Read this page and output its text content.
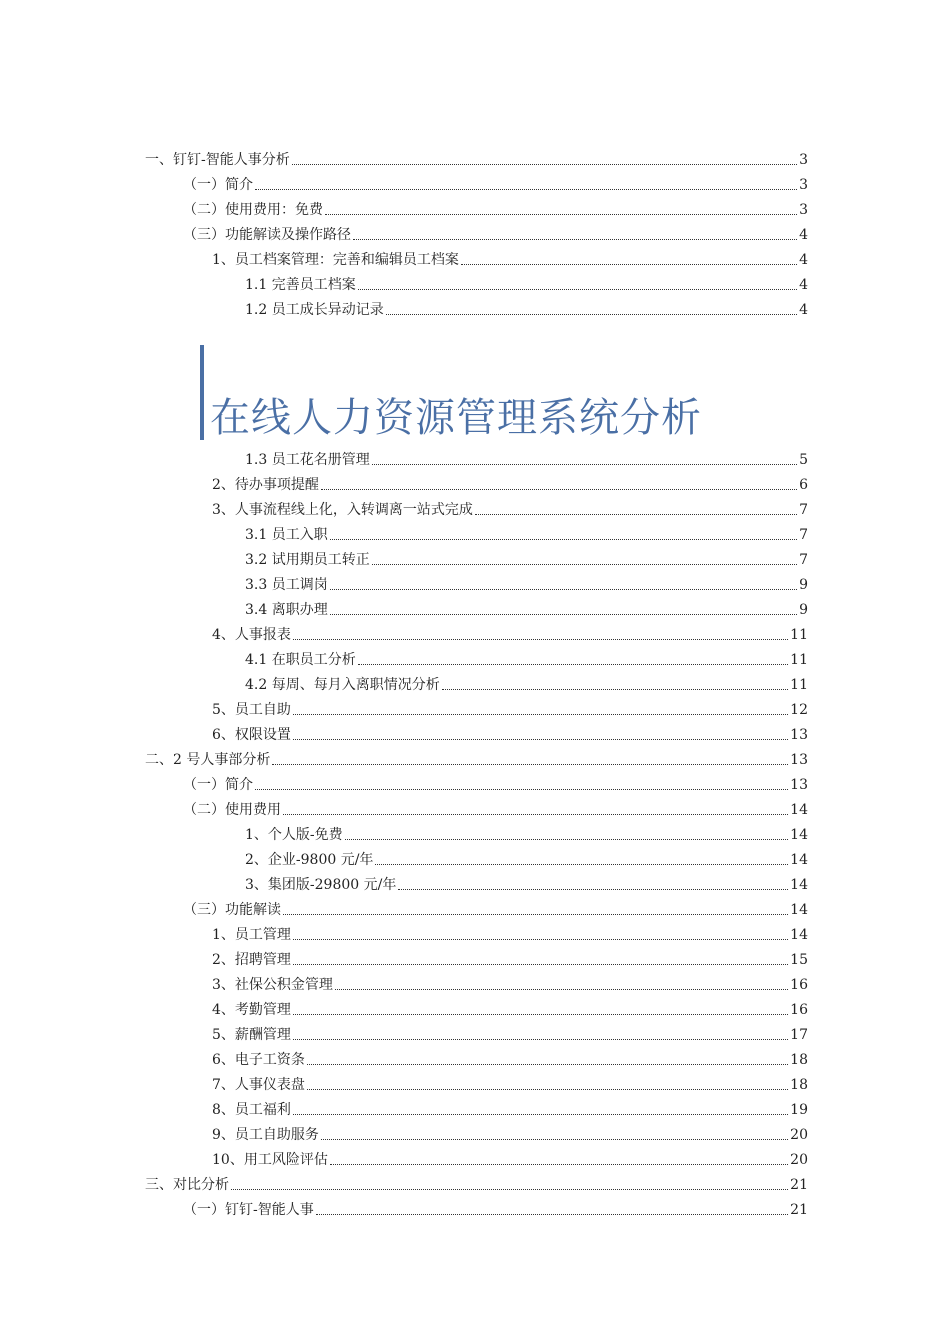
在线人力资源管理系统分析
一、钉钉-智能人事分析	3
（一）简介	3
（二）使用费用：免费	3
（三）功能解读及操作路径	4
1、员工档案管理：完善和编辑员工档案	4
1.1 完善员工档案	4
1.2 员工成长异动记录	4
1.3 员工花名册管理	5
2、待办事项提醒	6
3、人事流程线上化，入转调离一站式完成	7
3.1 员工入职	7
3.2 试用期员工转正	7
3.3 员工调岗	9
3.4 离职办理	9
4、人事报表	11
4.1 在职员工分析	11
4.2 每周、每月入离职情况分析	11
5、员工自助	12
6、权限设置	13
二、2 号人事部分析	13
（一）简介	13
（二）使用费用	14
1、个人版-免费	14
2、企业-9800 元/年	14
3、集团版-29800 元/年	14
（三）功能解读	14
1、员工管理	14
2、招聘管理	15
3、社保公积金管理	16
4、考勤管理	16
5、薪酬管理	17
6、电子工资条	18
7、人事仪表盘	18
8、员工福利	19
9、员工自助服务	20
10、用工风险评估	20
三、对比分析	21
（一）钉钉-智能人事	21
